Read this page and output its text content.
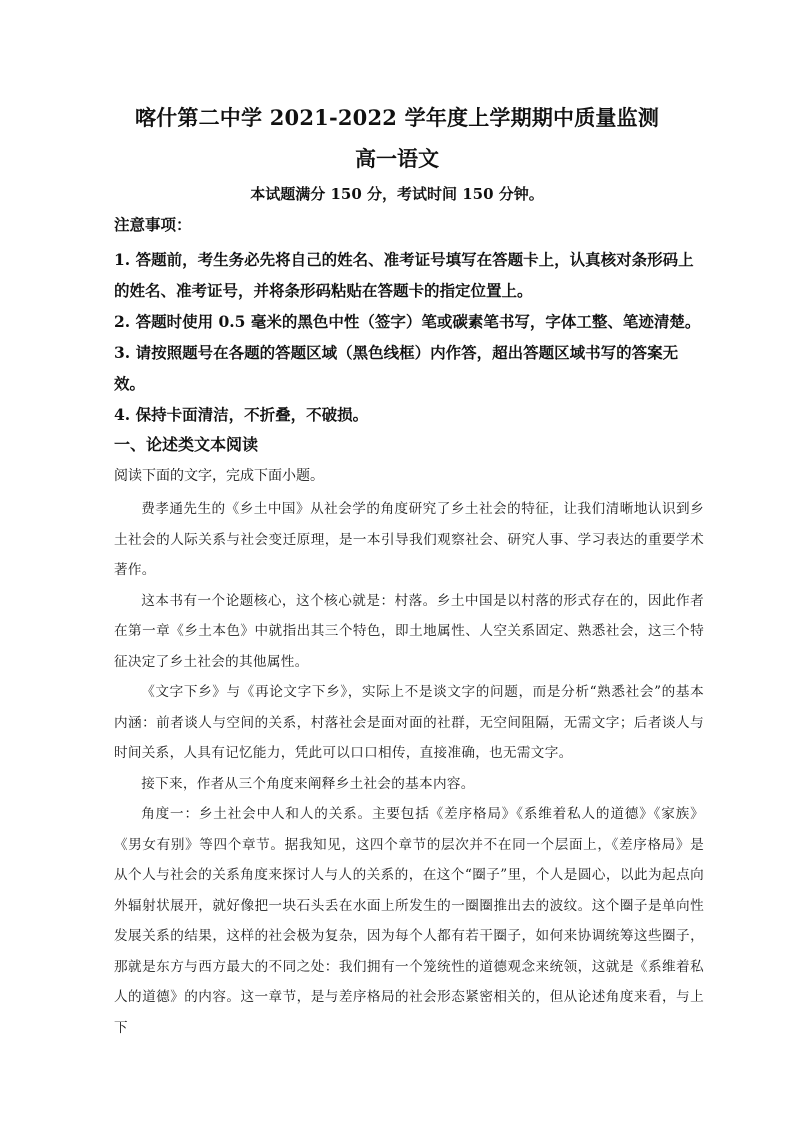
喀什第二中学 2021-2022 学年度上学期期中质量监测
高一语文
本试题满分 150 分，考试时间 150 分钟。
注意事项：
1. 答题前，考生务必先将自己的姓名、准考证号填写在答题卡上，认真核对条形码上的姓名、准考证号，并将条形码粘贴在答题卡的指定位置上。
2. 答题时使用 0.5 毫米的黑色中性（签字）笔或碳素笔书写，字体工整、笔迹清楚。
3. 请按照题号在各题的答题区域（黑色线框）内作答，超出答题区域书写的答案无效。
4. 保持卡面清洁，不折叠，不破损。
一、论述类文本阅读
阅读下面的文字，完成下面小题。

费孝通先生的《乡土中国》从社会学的角度研究了乡土社会的特征，让我们清晰地认识到乡土社会的人际关系与社会变迁原理，是一本引导我们观察社会、研究人事、学习表达的重要学术著作。

这本书有一个论题核心，这个核心就是：村落。乡土中国是以村落的形式存在的，因此作者在第一章《乡土本色》中就指出其三个特色，即土地属性、人空关系固定、熟悉社会，这三个特征决定了乡土社会的其他属性。

《文字下乡》与《再论文字下乡》，实际上不是谈文字的问题，而是分析“熟悉社会”的基本内涵：前者谈人与空间的关系，村落社会是面对面的社群，无空间阻隔，无需文字；后者谈人与时间关系，人具有记忆能力，凭此可以口口相传，直接准确，也无需文字。

接下来，作者从三个角度来阐释乡土社会的基本内容。

角度一：乡土社会中人和人的关系。主要包括《差序格局》《系维着私人的道德》《家族》《男女有别》等四个章节。据我知见，这四个章节的层次并不在同一个层面上，《差序格局》是从个人与社会的关系角度来探讨人与人的关系的，在这个“圈子”里，个人是圆心，以此为起点向外辐射状展开，就好像把一块石头丢在水面上所发生的一圈圈推出去的波纹。这个圈子是单向性发展关系的结果，这样的社会极为复杂，因为每个人都有若干圈子，如何来协调统筹这些圈子，那就是东方与西方最大的不同之处：我们拥有一个笼统性的道德观念来统领，这就是《系维着私人的道德》的内容。这一章节，是与差序格局的社会形态紧密相关的，但从论述角度来看，与上下
